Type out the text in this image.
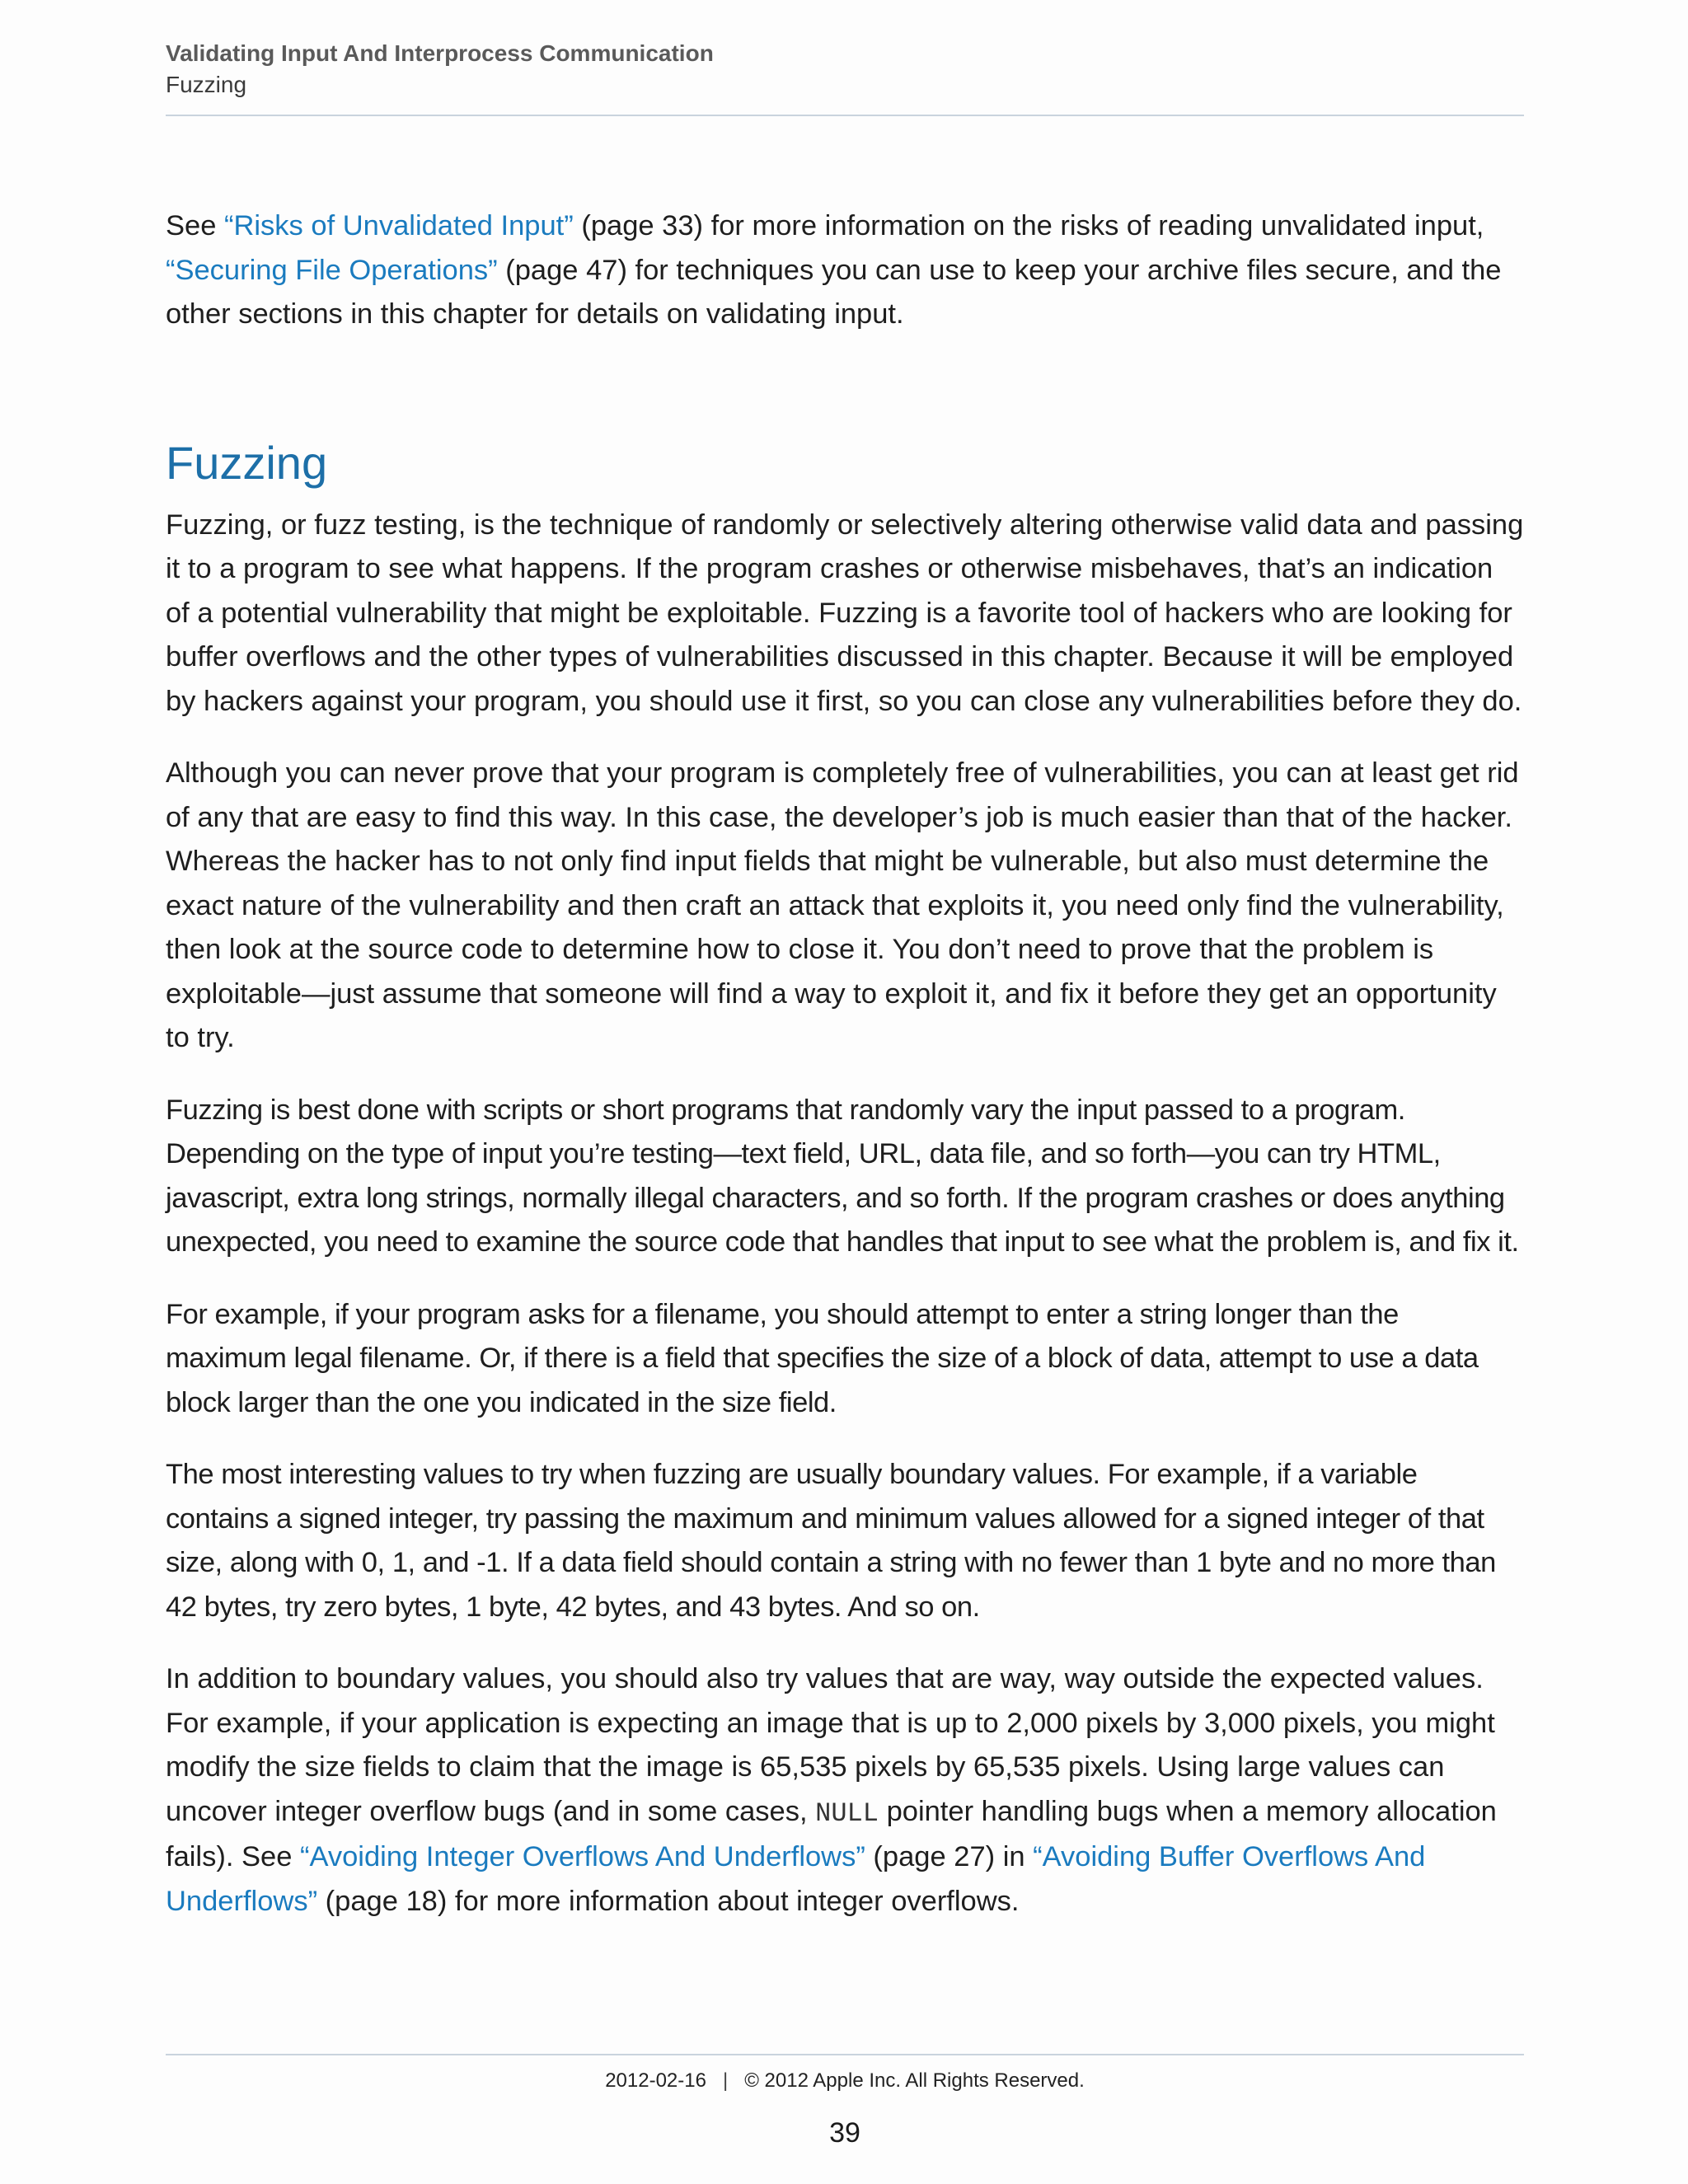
Validating Input And Interprocess Communication
Fuzzing

See “Risks of Unvalidated Input” (page 33) for more information on the risks of reading unvalidated input, “Securing File Operations” (page 47) for techniques you can use to keep your archive files secure, and the other sections in this chapter for details on validating input.

Fuzzing

Fuzzing, or fuzz testing, is the technique of randomly or selectively altering otherwise valid data and passing it to a program to see what happens. If the program crashes or otherwise misbehaves, that’s an indication of a potential vulnerability that might be exploitable. Fuzzing is a favorite tool of hackers who are looking for buffer overflows and the other types of vulnerabilities discussed in this chapter. Because it will be employed by hackers against your program, you should use it first, so you can close any vulnerabilities before they do.

Although you can never prove that your program is completely free of vulnerabilities, you can at least get rid of any that are easy to find this way. In this case, the developer’s job is much easier than that of the hacker. Whereas the hacker has to not only find input fields that might be vulnerable, but also must determine the exact nature of the vulnerability and then craft an attack that exploits it, you need only find the vulnerability, then look at the source code to determine how to close it. You don’t need to prove that the problem is exploitable—just assume that someone will find a way to exploit it, and fix it before they get an opportunity to try.

Fuzzing is best done with scripts or short programs that randomly vary the input passed to a program. Depending on the type of input you’re testing—text field, URL, data file, and so forth—you can try HTML, javascript, extra long strings, normally illegal characters, and so forth. If the program crashes or does anything unexpected, you need to examine the source code that handles that input to see what the problem is, and fix it.

For example, if your program asks for a filename, you should attempt to enter a string longer than the maximum legal filename. Or, if there is a field that specifies the size of a block of data, attempt to use a data block larger than the one you indicated in the size field.

The most interesting values to try when fuzzing are usually boundary values. For example, if a variable contains a signed integer, try passing the maximum and minimum values allowed for a signed integer of that size, along with 0, 1, and -1. If a data field should contain a string with no fewer than 1 byte and no more than 42 bytes, try zero bytes, 1 byte, 42 bytes, and 43 bytes. And so on.

In addition to boundary values, you should also try values that are way, way outside the expected values. For example, if your application is expecting an image that is up to 2,000 pixels by 3,000 pixels, you might modify the size fields to claim that the image is 65,535 pixels by 65,535 pixels. Using large values can uncover integer overflow bugs (and in some cases, NULL pointer handling bugs when a memory allocation fails). See “Avoiding Integer Overflows And Underflows” (page 27) in “Avoiding Buffer Overflows And Underflows” (page 18) for more information about integer overflows.

2012-02-16 | © 2012 Apple Inc. All Rights Reserved.
39
